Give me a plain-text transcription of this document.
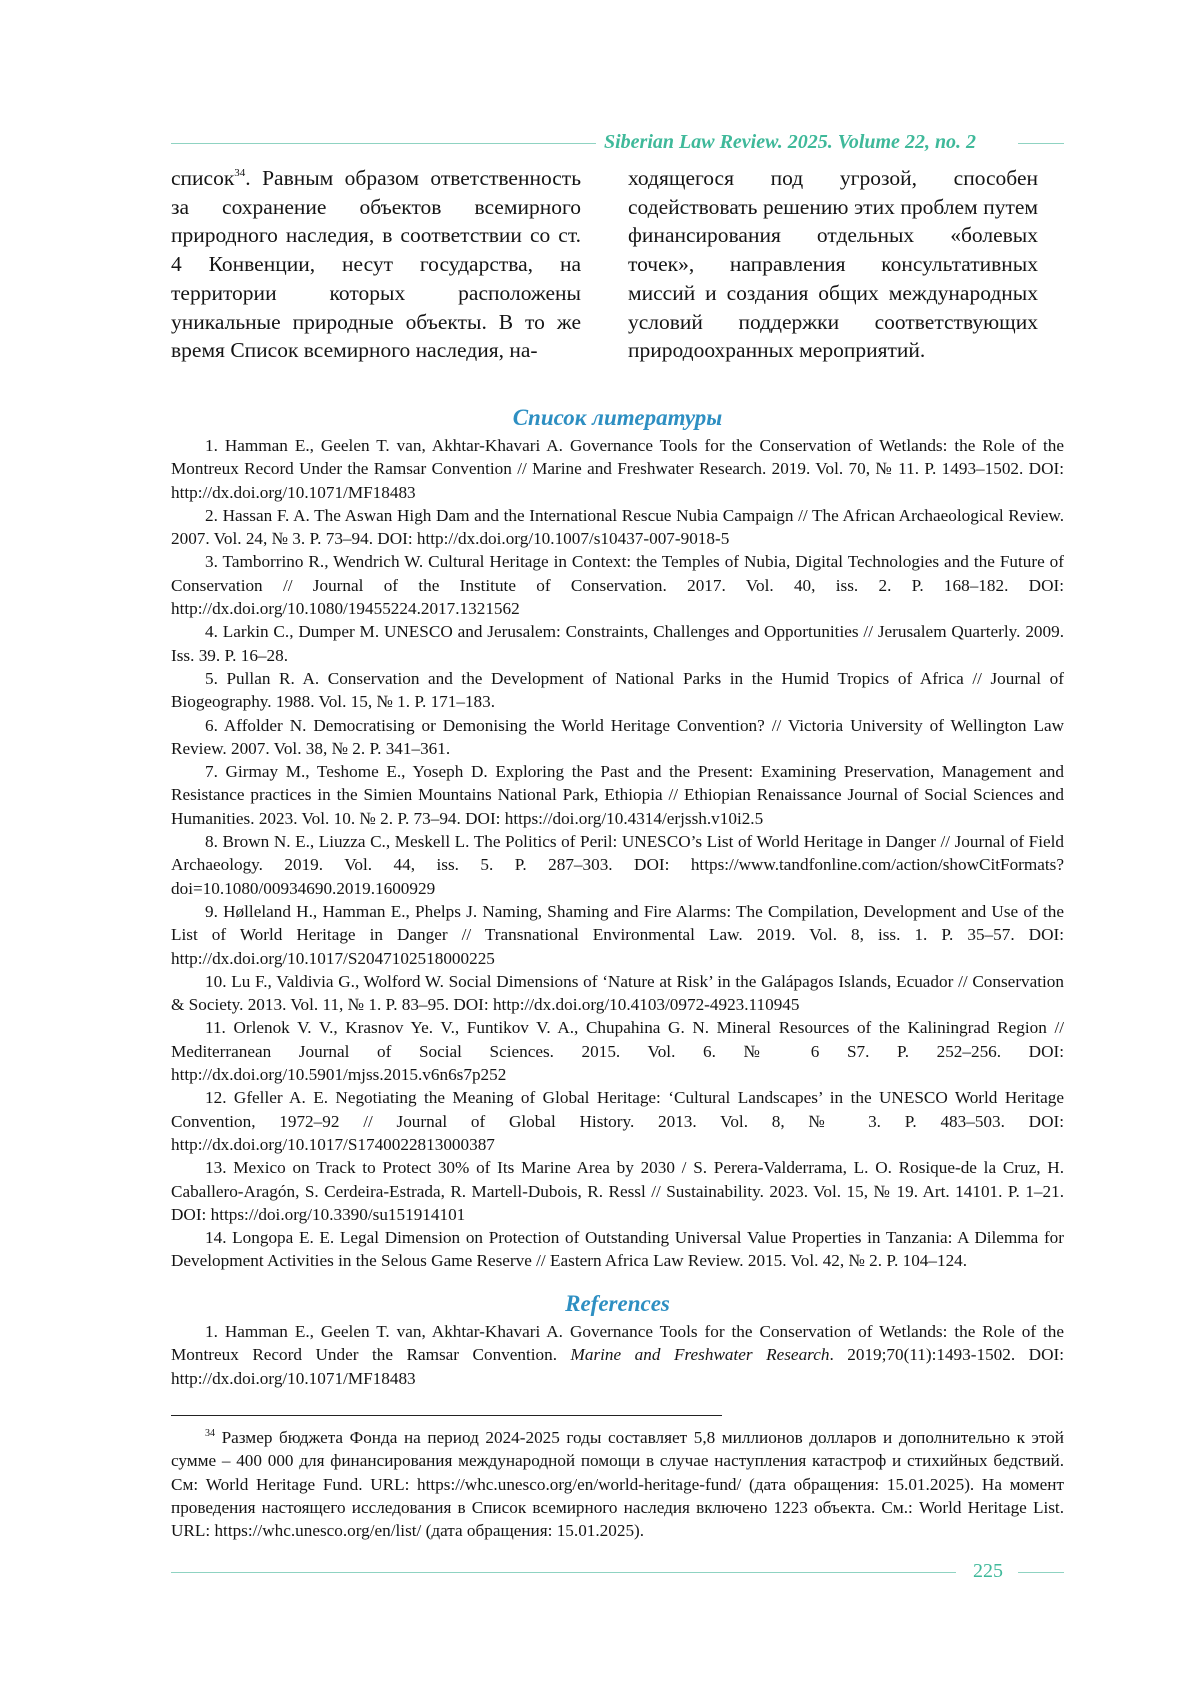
Siberian Law Review. 2025. Volume 22, no. 2

список$^{34}$. Равным образом ответственность за сохранение объектов всемирного природного наследия, в соответствии со ст. 4 Конвенции, несут государства, на территории которых расположены уникальные природные объекты. В то же время Список всемирного наследия, на-

ходящегося под угрозой, способен содействовать решению этих проблем путем финансирования отдельных «болевых точек», направления консультативных миссий и создания общих международных условий поддержки соответствующих природоохранных мероприятий.

Список литературы
1. Hamman E., Geelen T. van, Akhtar-Khavari A. Governance Tools for the Conservation of Wetlands: the Role of the Montreux Record Under the Ramsar Convention // Marine and Freshwater Research. 2019. Vol. 70, № 11. P. 1493–1502. DOI: http://dx.doi.org/10.1071/MF18483
2. Hassan F. A. The Aswan High Dam and the International Rescue Nubia Campaign // The African Archaeological Review. 2007. Vol. 24, № 3. P. 73–94. DOI: http://dx.doi.org/10.1007/s10437-007-9018-5
3. Tamborrino R., Wendrich W. Cultural Heritage in Context: the Temples of Nubia, Digital Technologies and the Future of Conservation // Journal of the Institute of Conservation. 2017. Vol. 40, iss. 2. P. 168–182. DOI: http://dx.doi.org/10.1080/19455224.2017.1321562
4. Larkin C., Dumper M. UNESCO and Jerusalem: Constraints, Challenges and Opportunities // Jerusalem Quarterly. 2009. Iss. 39. P. 16–28.
5. Pullan R. A. Conservation and the Development of National Parks in the Humid Tropics of Africa // Journal of Biogeography. 1988. Vol. 15, № 1. P. 171–183.
6. Affolder N. Democratising or Demonising the World Heritage Convention? // Victoria University of Wellington Law Review. 2007. Vol. 38, № 2. P. 341–361.
7. Girmay M., Teshome E., Yoseph D. Exploring the Past and the Present: Examining Preservation, Management and Resistance practices in the Simien Mountains National Park, Ethiopia // Ethiopian Renaissance Journal of Social Sciences and Humanities. 2023. Vol. 10. № 2. P. 73–94. DOI: https://doi.org/10.4314/erjssh.v10i2.5
8. Brown N. E., Liuzza C., Meskell L. The Politics of Peril: UNESCO’s List of World Heritage in Danger // Journal of Field Archaeology. 2019. Vol. 44, iss. 5. P. 287–303. DOI: https://www.tandfonline.com/action/showCitFormats?doi=10.1080/00934690.2019.1600929
9. Hølleland H., Hamman E., Phelps J. Naming, Shaming and Fire Alarms: The Compilation, Development and Use of the List of World Heritage in Danger // Transnational Environmental Law. 2019. Vol. 8, iss. 1. P. 35–57. DOI: http://dx.doi.org/10.1017/S2047102518000225
10. Lu F., Valdivia G., Wolford W. Social Dimensions of ‘Nature at Risk’ in the Galápagos Islands, Ecuador // Conservation & Society. 2013. Vol. 11, № 1. P. 83–95. DOI: http://dx.doi.org/10.4103/0972-4923.110945
11. Orlenok V. V., Krasnov Ye. V., Funtikov V. A., Chupahina G. N. Mineral Resources of the Kaliningrad Region // Mediterranean Journal of Social Sciences. 2015. Vol. 6. № 6 S7. P. 252–256. DOI: http://dx.doi.org/10.5901/mjss.2015.v6n6s7p252
12. Gfeller A. E. Negotiating the Meaning of Global Heritage: ‘Cultural Landscapes’ in the UNESCO World Heritage Convention, 1972–92 // Journal of Global History. 2013. Vol. 8, № 3. P. 483–503. DOI: http://dx.doi.org/10.1017/S1740022813000387
13. Mexico on Track to Protect 30% of Its Marine Area by 2030 / S. Perera-Valderrama, L. O. Rosique-de la Cruz, H. Caballero-Aragón, S. Cerdeira-Estrada, R. Martell-Dubois, R. Ressl // Sustainability. 2023. Vol. 15, № 19. Art. 14101. P. 1–21. DOI: https://doi.org/10.3390/su151914101
14. Longopa E. E. Legal Dimension on Protection of Outstanding Universal Value Properties in Tanzania: A Dilemma for Development Activities in the Selous Game Reserve // Eastern Africa Law Review. 2015. Vol. 42, № 2. P. 104–124.
References
1. Hamman E., Geelen T. van, Akhtar-Khavari A. Governance Tools for the Conservation of Wetlands: the Role of the Montreux Record Under the Ramsar Convention. Marine and Freshwater Research. 2019;70(11):1493-1502. DOI: http://dx.doi.org/10.1071/MF18483

$^{34}$ Размер бюджета Фонда на период 2024-2025 годы составляет 5,8 миллионов долларов и дополнительно к этой сумме – 400 000 для финансирования международной помощи в случае наступления катастроф и стихийных бедствий. См: World Heritage Fund. URL: https://whc.unesco.org/en/world-heritage-fund/ (дата обращения: 15.01.2025). На момент проведения настоящего исследования в Список всемирного наследия включено 1223 объекта. См.: World Heritage List. URL: https://whc.unesco.org/en/list/ (дата обращения: 15.01.2025).

225
